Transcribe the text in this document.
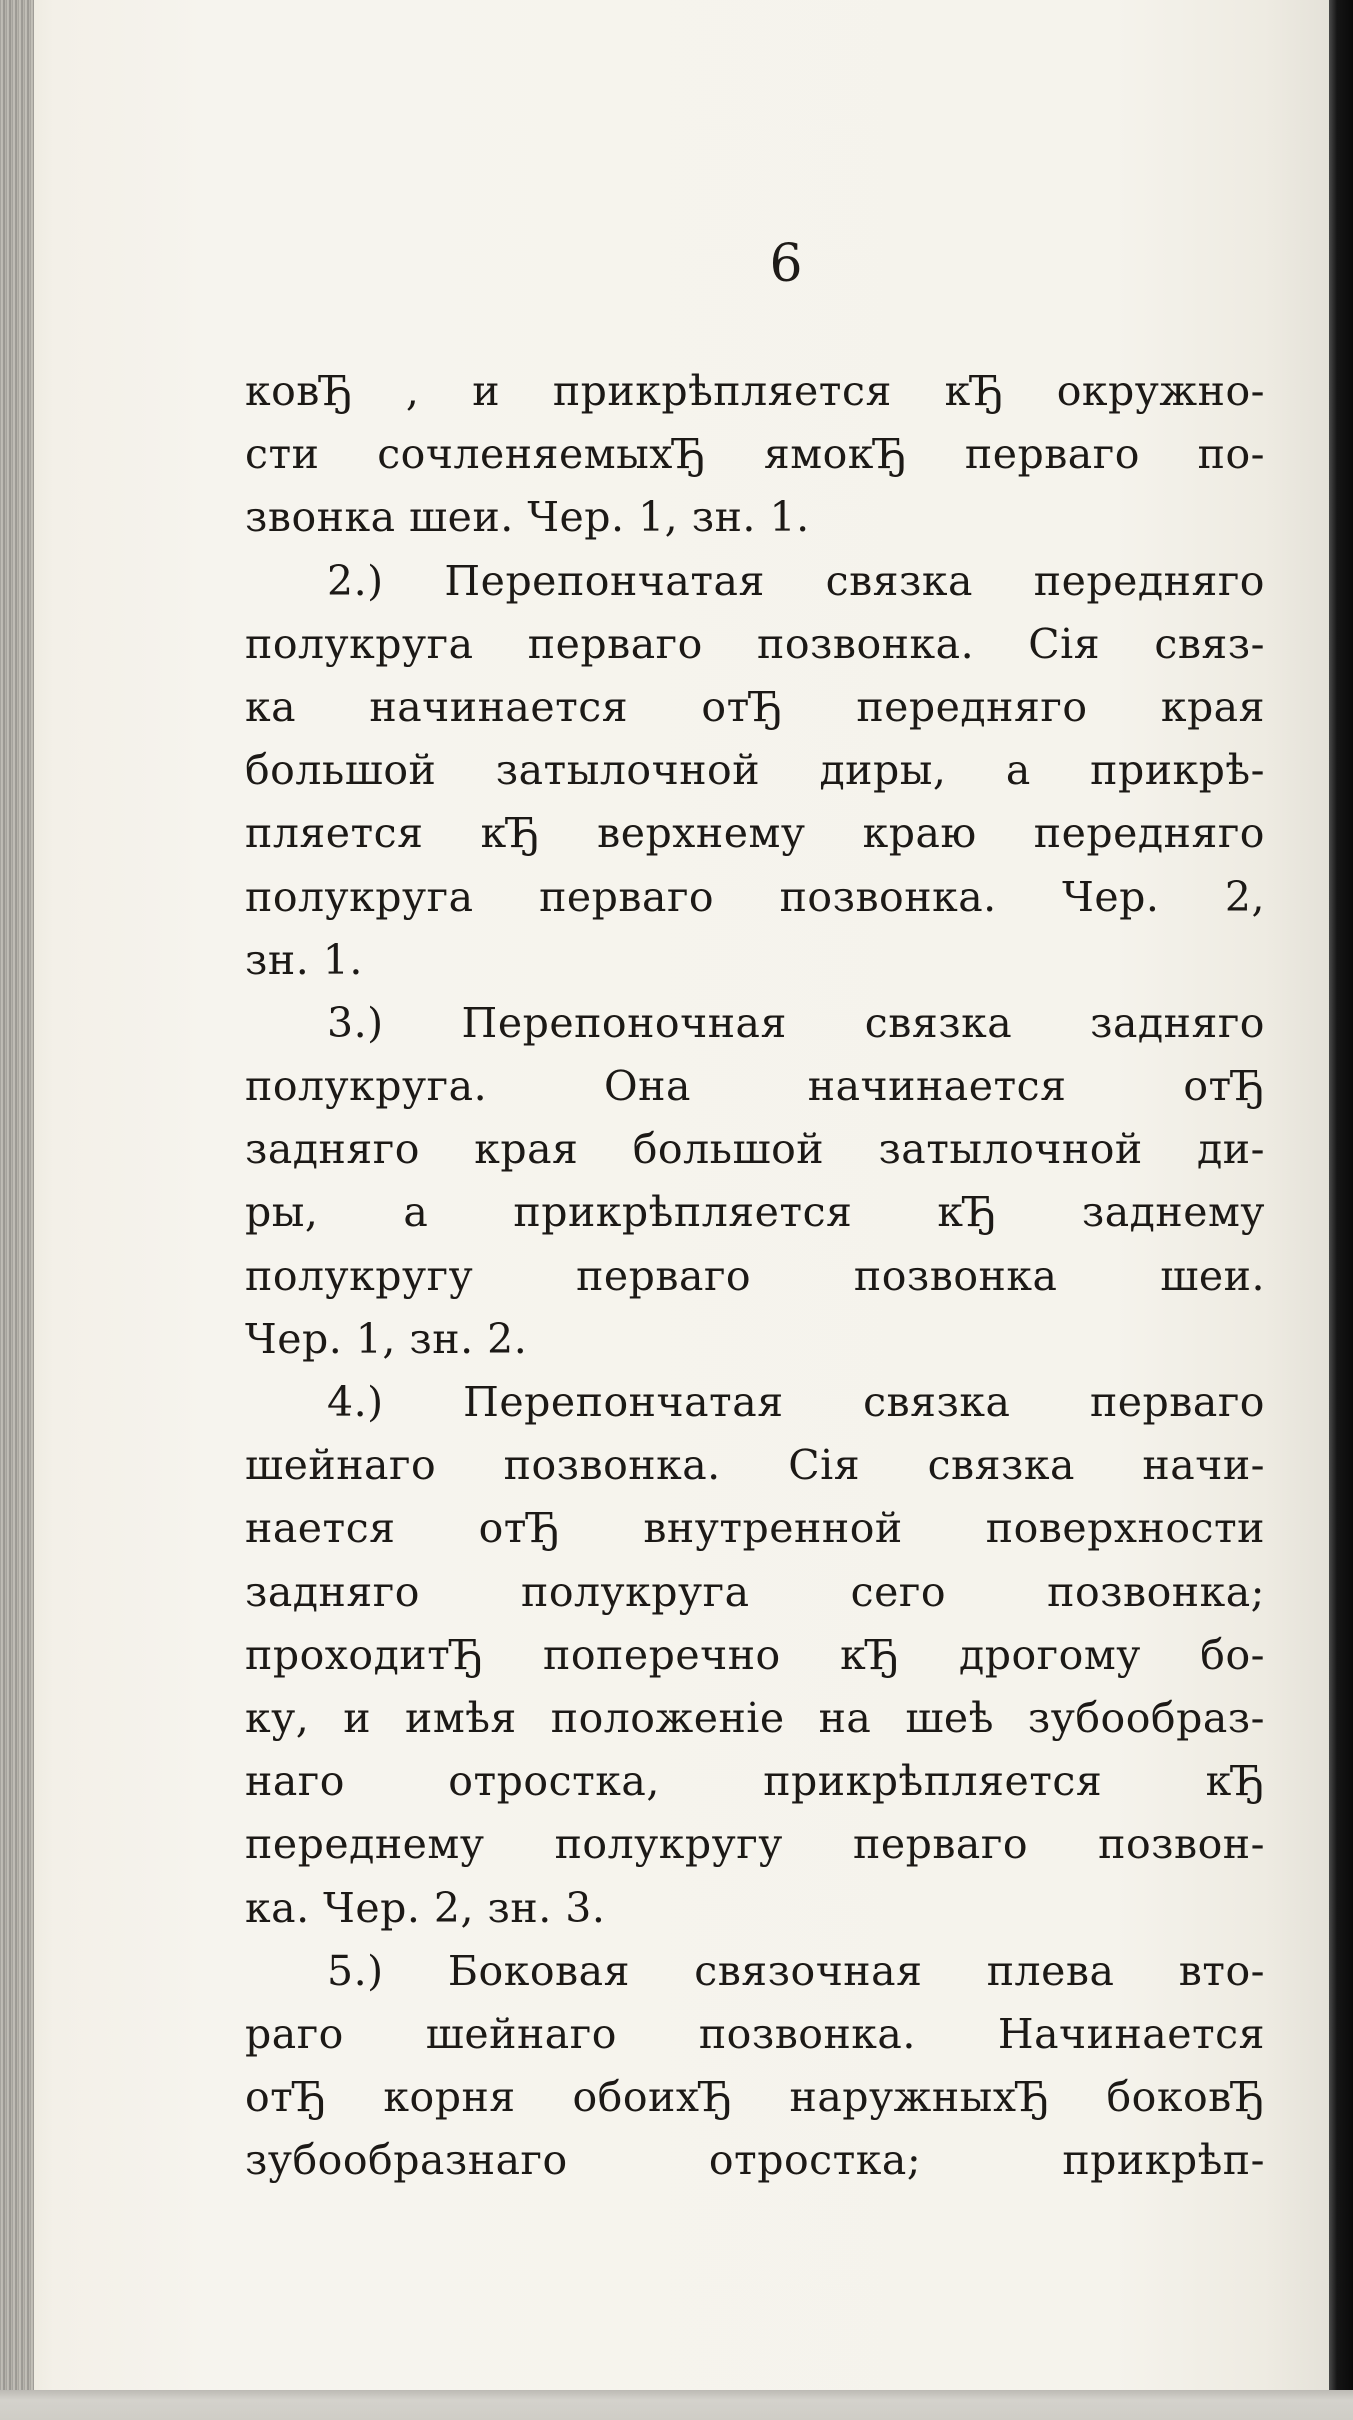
6
ковЂ , и прикрѣпляется кЂ окружно-
сти сочленяемыхЂ ямокЂ перваго по-
звонка шеи. Чер. 1, зн. 1.
2.) Перепончатая связка передняго
полукруга перваго позвонка. Сія связ-
ка начинается отЂ передняго края
большой затылочной диры, а прикрѣ-
пляется кЂ верхнему краю передняго
полукруга перваго позвонка. Чер. 2,
зн. 1.
3.) Перепоночная связка задняго
полукруга. Она начинается отЂ
задняго края большой затылочной ди-
ры, а прикрѣпляется кЂ заднему
полукругу перваго позвонка шеи.
Чер. 1, зн. 2.
4.) Перепончатая связка перваго
шейнаго позвонка. Сія связка начи-
нается отЂ внутренной поверхности
задняго полукруга сего позвонка;
проходитЂ поперечно кЂ дрогому бо-
ку, и имѣя положеніе на шеѣ зубообраз-
наго отростка, прикрѣпляется кЂ
переднему полукругу перваго позвон-
ка. Чер. 2, зн. 3.
5.) Боковая связочная плева вто-
раго шейнаго позвонка. Начинается
отЂ корня обоихЂ наружныхЂ боковЂ
зубообразнаго отростка; прикрѣп-
